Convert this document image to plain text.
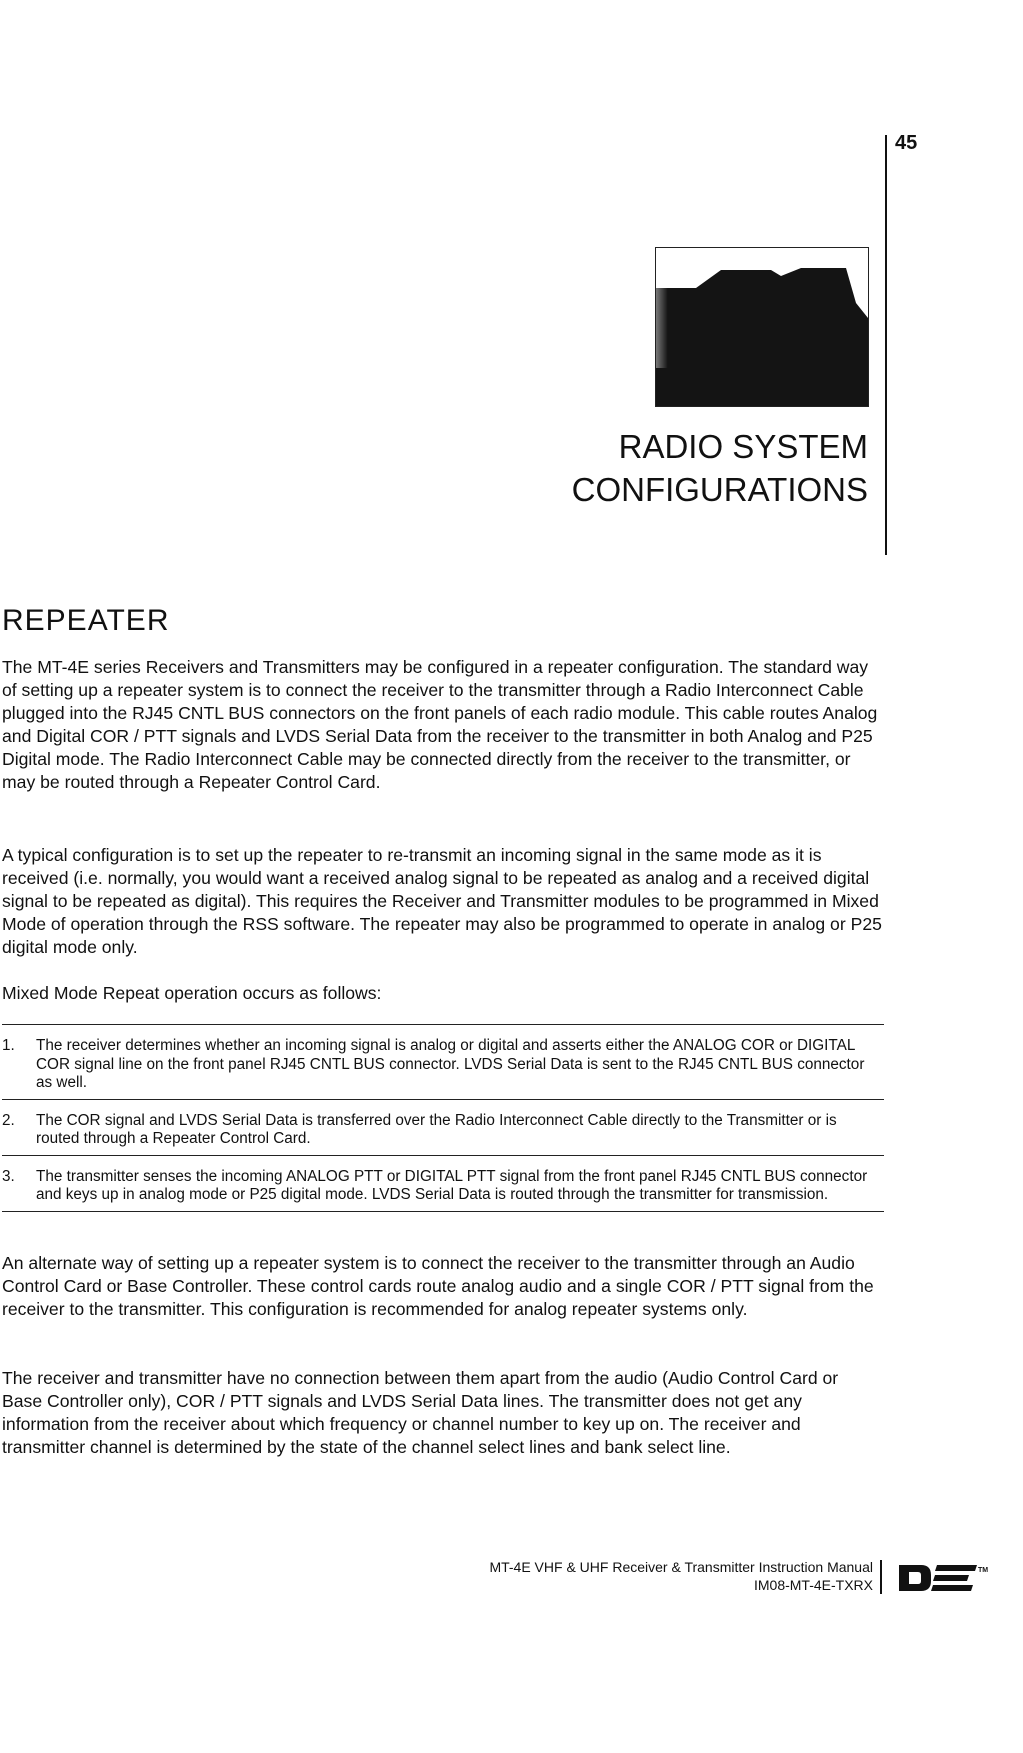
45
RADIO SYSTEM
CONFIGURATIONS
REPEATER

The MT-4E series Receivers and Transmitters may be configured in a repeater configuration. The standard way of setting up a repeater system is to connect the receiver to the transmitter through a Radio Interconnect Cable plugged into the RJ45 CNTL BUS connectors on the front panels of each radio module. This cable routes Analog and Digital COR / PTT signals and LVDS Serial Data from the receiver to the transmitter in both Analog and P25 Digital mode. The Radio Interconnect Cable may be connected directly from the receiver to the transmitter, or may be routed through a Repeater Control Card.

A typical configuration is to set up the repeater to re-transmit an incoming signal in the same mode as it is received (i.e. normally, you would want a received analog signal to be repeated as analog and a received digital signal to be repeated as digital). This requires the Receiver and Transmitter modules to be programmed in Mixed Mode of operation through the RSS software. The repeater may also be programmed to operate in analog or P25 digital mode only.

Mixed Mode Repeat operation occurs as follows:

1.	The receiver determines whether an incoming signal is analog or digital and asserts either the ANALOG COR or DIGITAL COR signal line on the front panel RJ45 CNTL BUS connector. LVDS Serial Data is sent to the RJ45 CNTL BUS connector as well.
2.	The COR signal and LVDS Serial Data is transferred over the Radio Interconnect Cable directly to the Transmitter or is routed through a Repeater Control Card.
3.	The transmitter senses the incoming ANALOG PTT or DIGITAL PTT signal from the front panel RJ45 CNTL BUS connector and keys up in analog mode or P25 digital mode. LVDS Serial Data is routed through the transmitter for transmission.

An alternate way of setting up a repeater system is to connect the receiver to the transmitter through an Audio Control Card or Base Controller. These control cards route analog audio and a single COR / PTT signal from the receiver to the transmitter. This configuration is recommended for analog repeater systems only.

The receiver and transmitter have no connection between them apart from the audio (Audio Control Card or Base Controller only), COR / PTT signals and LVDS Serial Data lines. The transmitter does not get any information from the receiver about which frequency or channel number to key up on. The receiver and transmitter channel is determined by the state of the channel select lines and bank select line.

MT-4E VHF & UHF Receiver & Transmitter Instruction Manual
IM08-MT-4E-TXRX
TM
